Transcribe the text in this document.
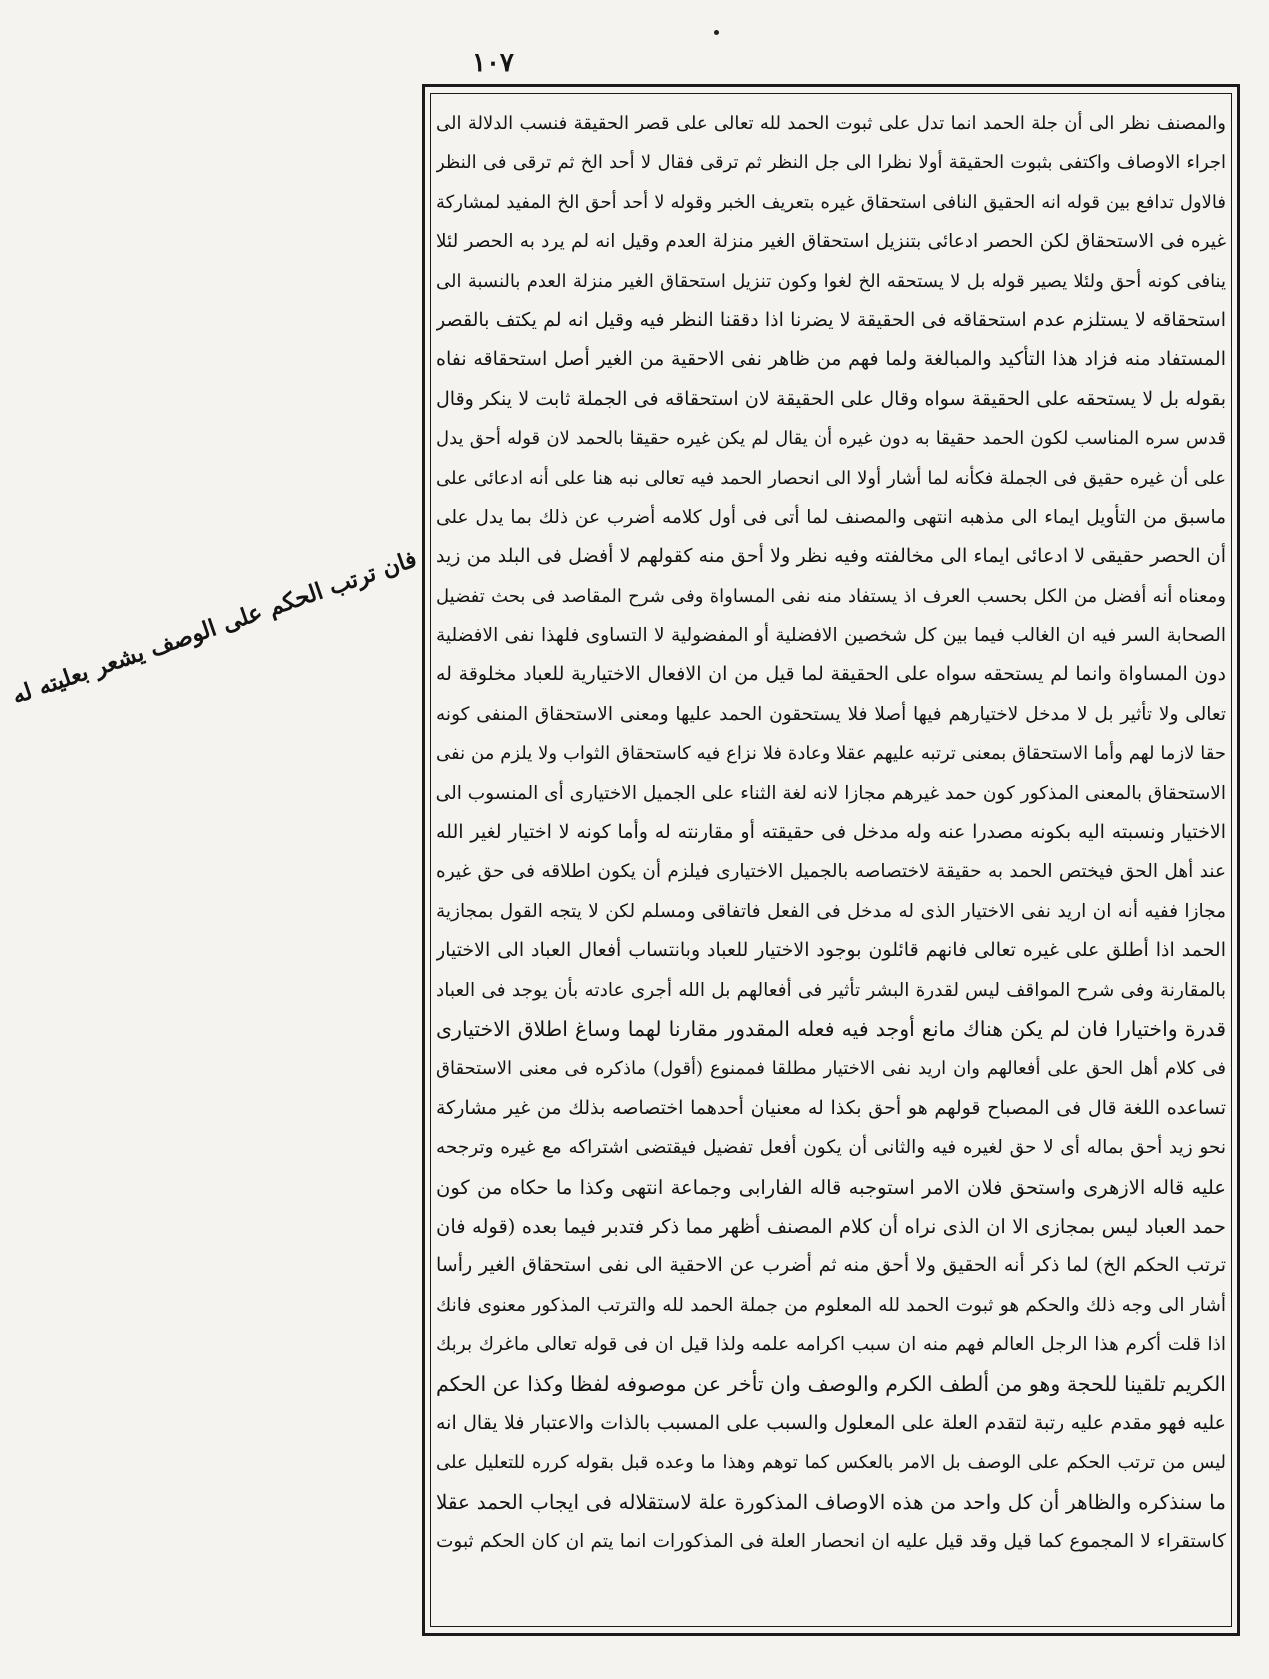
١٠٧
فان ترتب الحكم على الوصف يشعر بعليته له
والمصنف نظر الى أن جلة الحمد انما تدل على ثبوت الحمد لله تعالى على قصر الحقيقة فنسب الدلالة الى
اجراء الاوصاف واكتفى بثبوت الحقيقة أولا نظرا الى جل النظر ثم ترقى فقال لا أحد الخ ثم ترقى فى النظر
فالاول تدافع بين قوله انه الحقيق النافى استحقاق غيره بتعريف الخبر وقوله لا أحد أحق الخ المفيد لمشاركة
غيره فى الاستحقاق لكن الحصر ادعائى بتنزيل استحقاق الغير منزلة العدم وقيل انه لم يرد به الحصر لئلا
ينافى كونه أحق ولئلا يصير قوله بل لا يستحقه الخ لغوا وكون تنزيل استحقاق الغير منزلة العدم بالنسبة الى
استحقاقه لا يستلزم عدم استحقاقه فى الحقيقة لا يضرنا اذا دققنا النظر فيه وقيل انه لم يكتف بالقصر
المستفاد منه فزاد هذا التأكيد والمبالغة ولما فهم من ظاهر نفى الاحقية من الغير أصل استحقاقه نفاه
بقوله بل لا يستحقه على الحقيقة سواه وقال على الحقيقة لان استحقاقه فى الجملة ثابت لا ينكر وقال
قدس سره المناسب لكون الحمد حقيقا به دون غيره أن يقال لم يكن غيره حقيقا بالحمد لان قوله أحق يدل
على أن غيره حقيق فى الجملة فكأنه لما أشار أولا الى انحصار الحمد فيه تعالى نبه هنا على أنه ادعائى على
ماسبق من التأويل ايماء الى مذهبه انتهى والمصنف لما أتى فى أول كلامه أضرب عن ذلك بما يدل على
أن الحصر حقيقى لا ادعائى ايماء الى مخالفته وفيه نظر ولا أحق منه كقولهم لا أفضل فى البلد من زيد
ومعناه أنه أفضل من الكل بحسب العرف اذ يستفاد منه نفى المساواة وفى شرح المقاصد فى بحث تفضيل
الصحابة السر فيه ان الغالب فيما بين كل شخصين الافضلية أو المفضولية لا التساوى فلهذا نفى الافضلية
دون المساواة وانما لم يستحقه سواه على الحقيقة لما قيل من ان الافعال الاختيارية للعباد مخلوقة له
تعالى ولا تأثير بل لا مدخل لاختيارهم فيها أصلا فلا يستحقون الحمد عليها ومعنى الاستحقاق المنفى كونه
حقا لازما لهم وأما الاستحقاق بمعنى ترتبه عليهم عقلا وعادة فلا نزاع فيه كاستحقاق الثواب ولا يلزم من نفى
الاستحقاق بالمعنى المذكور كون حمد غيرهم مجازا لانه لغة الثناء على الجميل الاختيارى أى المنسوب الى
الاختيار ونسبته اليه بكونه مصدرا عنه وله مدخل فى حقيقته أو مقارنته له وأما كونه لا اختيار لغير الله
عند أهل الحق فيختص الحمد به حقيقة لاختصاصه بالجميل الاختيارى فيلزم أن يكون اطلاقه فى حق غيره
مجازا ففيه أنه ان اريد نفى الاختيار الذى له مدخل فى الفعل فاتفاقى ومسلم لكن لا يتجه القول بمجازية
الحمد اذا أطلق على غيره تعالى فانهم قائلون بوجود الاختيار للعباد وبانتساب أفعال العباد الى الاختيار
بالمقارنة وفى شرح المواقف ليس لقدرة البشر تأثير فى أفعالهم بل الله أجرى عادته بأن يوجد فى العباد
قدرة واختيارا فان لم يكن هناك مانع أوجد فيه فعله المقدور مقارنا لهما وساغ اطلاق الاختيارى
فى كلام أهل الحق على أفعالهم وان اريد نفى الاختيار مطلقا فممنوع (أقول) ماذكره فى معنى الاستحقاق
تساعده اللغة قال فى المصباح قولهم هو أحق بكذا له معنيان أحدهما اختصاصه بذلك من غير مشاركة
نحو زيد أحق بماله أى لا حق لغيره فيه والثانى أن يكون أفعل تفضيل فيقتضى اشتراكه مع غيره وترجحه
عليه قاله الازهرى واستحق فلان الامر استوجبه قاله الفارابى وجماعة انتهى وكذا ما حكاه من كون
حمد العباد ليس بمجازى الا ان الذى نراه أن كلام المصنف أظهر مما ذكر فتدبر فيما بعده (قوله فان
ترتب الحكم الخ) لما ذكر أنه الحقيق ولا أحق منه ثم أضرب عن الاحقية الى نفى استحقاق الغير رأسا
أشار الى وجه ذلك والحكم هو ثبوت الحمد لله المعلوم من جملة الحمد لله والترتب المذكور معنوى فانك
اذا قلت أكرم هذا الرجل العالم فهم منه ان سبب اكرامه علمه ولذا قيل ان فى قوله تعالى ماغرك بربك
الكريم تلقينا للحجة وهو من ألطف الكرم والوصف وان تأخر عن موصوفه لفظا وكذا عن الحكم
عليه فهو مقدم عليه رتبة لتقدم العلة على المعلول والسبب على المسبب بالذات والاعتبار فلا يقال انه
ليس من ترتب الحكم على الوصف بل الامر بالعكس كما توهم وهذا ما وعده قبل بقوله كرره للتعليل على
ما سنذكره والظاهر أن كل واحد من هذه الاوصاف المذكورة علة لاستقلاله فى ايجاب الحمد عقلا
كاستقراء لا المجموع كما قيل وقد قيل عليه ان انحصار العلة فى المذكورات انما يتم ان كان الحكم ثبوت
